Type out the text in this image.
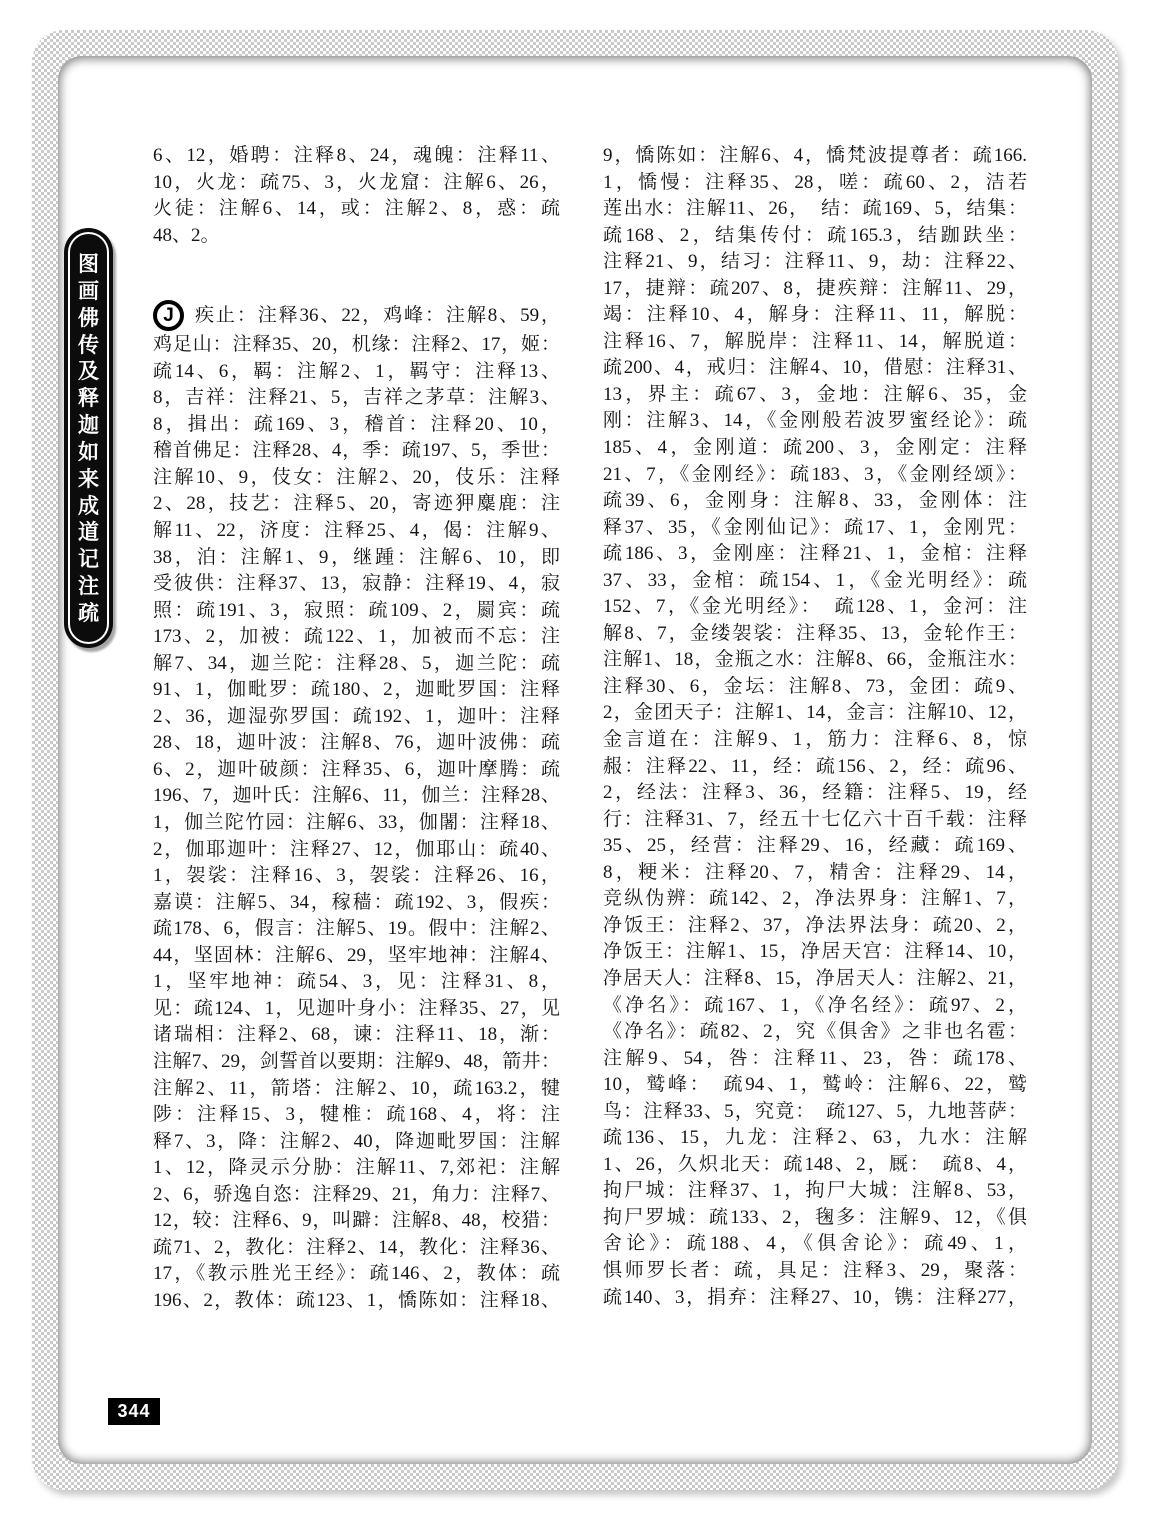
图
画
佛
传
及
释
迦
如
来
成
道
记
注
疏
6、12，婚聘：注释8、24，魂魄：注释11、
10，火龙：疏75、3，火龙窟：注解6、26，
火徒：注解6、14，或：注解2、8，惑：疏
48、2。
J	疾止：注释36、22，鸡峰：注解8、59，
鸡足山：注释35、20，机缘：注释2、17，姬：
疏14、6，羁：注解2、1，羁守：注释13、
8，吉祥：注释21、5，吉祥之茅草：注解3、
8，揖出：疏169、3，稽首：注释20、10，
稽首佛足：注释28、4，季：疏197、5，季世：
注解10、9，伎女：注解2、20，伎乐：注释
2、28，技艺：注释5、20，寄迹狎麋鹿：注
解11、22，济度：注释25、4，偈：注解9、
38，泊：注解1、9，继踵：注解6、10，即
受彼供：注释37、13，寂静：注释19、4，寂
照：疏191、3，寂照：疏109、2，罽宾：疏
173、2，加被：疏122、1，加被而不忘：注
解7、34，迦兰陀：注释28、5，迦兰陀：疏
91、1，伽毗罗：疏180、2，迦毗罗国：注释
2、36，迦湿弥罗国：疏192、1，迦叶：注释
28、18，迦叶波：注解8、76，迦叶波佛：疏
6、2，迦叶破颜：注释35、6，迦叶摩腾：疏
196、7，迦叶氏：注解6、11，伽兰：注释28、
1，伽兰陀竹园：注解6、33，伽闍：注释18、
2，伽耶迦叶：注释27、12，伽耶山：疏40、
1，袈裟：注释16、3，袈裟：注释26、16，
嘉谟：注解5、34，稼穑：疏192、3，假疾：
疏178、6，假言：注解5、19。假中：注解2、
44，坚固林：注解6、29，坚牢地神：注解4、
1，坚牢地神：疏54、3，见：注释31、8，
见：疏124、1，见迦叶身小：注释35、27，见
诸瑞相：注释2、68，谏：注释11、18，渐：
注解7、29，剑誓首以要期：注解9、48，箭井：
注解2、11，箭塔：注解2、10，疏163.2，犍
陟：注释15、3，犍椎：疏168、4，将：注
释7、3，降：注解2、40，降迦毗罗国：注解
1、12，降灵示分胁：注解11、7,郊祀：注解
2、6，骄逸自恣：注释29、21，角力：注释7、
12，较：注释6、9，叫躃：注解8、48，校猎：
疏71、2，教化：注释2、14，教化：注释36、
17，《教示胜光王经》：疏146、2，教体：疏
196、2，教体：疏123、1，憍陈如：注释18、
9，憍陈如：注解6、4，憍梵波提尊者：疏166.
1，憍慢：注释35、28，嗟：疏60、2，洁若
莲出水：注解11、26，　结：疏169、5，结集：
疏168、2，结集传付：疏165.3，结跏趺坐：
注释21、9，结习：注释11、9，劫：注释22、
17，捷辩：疏207、8，捷疾辩：注解11、29，
竭：注释10、4，解身：注释11、11，解脱：
注释16、7，解脱岸：注释11、14，解脱道：
疏200、4，戒归：注解4、10，借慰：注释31、
13，界主：疏67、3，金地：注解6、35，金
刚：注解3、14，《金刚般若波罗蜜经论》：疏
185、4，金刚道：疏200、3，金刚定：注释
21、7，《金刚经》：疏183、3，《金刚经颂》：
疏39、6，金刚身：注解8、33，金刚体：注
释37、35，《金刚仙记》：疏17、1，金刚咒：
疏186、3，金刚座：注释21、1，金棺：注释
37、33，金棺：疏154、1，《金光明经》：疏
152、7，《金光明经》：　疏128、1，金河：注
解8、7，金缕袈裟：注释35、13，金轮作王：
注解1、18，金瓶之水：注解8、66，金瓶注水：
注释30、6，金坛：注解8、73，金团：疏9、
2，金团天子：注解1、14，金言：注解10、12，
金言道在：注解9、1，筋力：注释6、8，惊
赧：注释22、11，经：疏156、2，经：疏96、
2，经法：注释3、36，经籍：注释5、19，经
行：注释31、7，经五十七亿六十百千载：注释
35、25，经营：注释29、16，经藏：疏169、
8，粳米：注释20、7，精舍：注释29、14，
竞纵伪辨：疏142、2，净法界身：注解1、7，
净饭王：注释2、37，净法界法身：疏20、2，
净饭王：注解1、15，净居天宫：注释14、10，
净居天人：注释8、15，净居天人：注解2、21，
《净名》：疏167、1，《净名经》：疏97、2，
《净名》：疏82、2，究《俱舍》之非也名雹：
注解9、54，咎：注释11、23，咎：疏178、
10，鹫峰：　疏94、1，鹫岭：注解6、22，鹫
鸟：注释33、5，究竟：　疏127、5，九地菩萨：
疏136、15，九龙：注释2、63，九水：注解
1、26，久炽北天：疏148、2，厩：　疏8、4，
拘尸城：注释37、1，拘尸大城：注解8、53，
拘尸罗城：疏133、2，毱多：注解9、12，《俱
舍论》：疏188、4，《俱舍论》：疏49、1，
惧师罗长者：疏，具足：注释3、29，聚落：
疏140、3，捐弃：注释27、10，镌：注释277，
344
